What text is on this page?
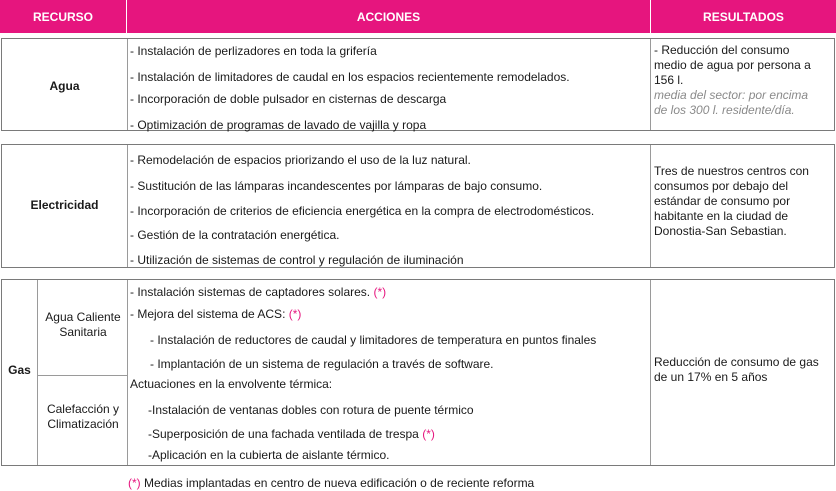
RECURSO	ACCIONES	RESULTADOS
Agua
- Instalación de perlizadores en toda la grifería
- Instalación de limitadores de caudal en los espacios recientemente remodelados.
- Incorporación de doble pulsador en cisternas de descarga
- Optimización de programas de lavado de vajilla y ropa
- Reducción del consumo
medio de agua por persona a
156 l.
media del sector: por encima
de los 300 l. residente/día.
Electricidad
- Remodelación de espacios priorizando el uso de la luz natural.
- Sustitución de las lámparas incandescentes por lámparas de bajo consumo.
- Incorporación de criterios de eficiencia energética en la compra de electrodomésticos.
- Gestión de la contratación energética.
- Utilización de sistemas de control y regulación de iluminación
Tres de nuestros centros con
consumos por debajo del
estándar de consumo por
habitante en la ciudad de
Donostia-San Sebastian.
Gas
Agua Caliente
Sanitaria
Calefacción y
Climatización
- Instalación sistemas de captadores solares. (*)
- Mejora del sistema de ACS: (*)
- Instalación de reductores de caudal y limitadores de temperatura en puntos finales
- Implantación de un sistema de regulación a través de software.
Actuaciones en la envolvente térmica:
-Instalación de ventanas dobles con rotura de puente térmico
-Superposición de una fachada ventilada de trespa (*)
-Aplicación en la cubierta de aislante térmico.
Reducción de consumo de gas
de un 17% en 5 años
(*) Medias implantadas en centro de nueva edificación o de reciente reforma
